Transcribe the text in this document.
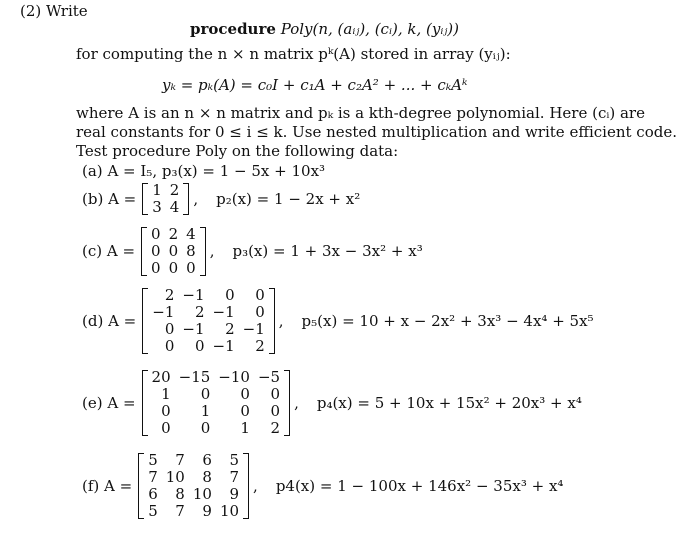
(2) Write
procedure Poly(n, (aᵢⱼ), (cᵢ), k, (yᵢⱼ))
for computing the n × n matrix pᵏ(A) stored in array (yᵢⱼ):
yₖ = pₖ(A) = c₀I + c₁A + c₂A² + ... + cₖAᵏ
where A is an n × n matrix and pₖ is a kth-degree polynomial. Here (cᵢ) are
real constants for 0 ≤ i ≤ k. Use nested multiplication and write efficient code.
Test procedure Poly on the following data:
(a) A = I₅, p₃(x) = 1 − 5x + 10x³
(b) A = 1	2
3	4 , p₂(x) = 1 − 2x + x²
(c) A =
0	2	4
0	0	8
0	0	0
, p₃(x) = 1 + 3x − 3x² + x³
(d) A =
2	−1	0	0
−1	2	−1	0
0	−1	2	−1
0	0	−1	2
, p₅(x) = 10 + x − 2x² + 3x³ − 4x⁴ + 5x⁵
(e) A =
20	−15	−10	−5
1	0	0	0
0	1	0	0
0	0	1	2
, p₄(x) = 5 + 10x + 15x² + 20x³ + x⁴
(f) A =
5	7	6	5
7	10	8	7
6	8	10	9
5	7	9	10
, p4(x) = 1 − 100x + 146x² − 35x³ + x⁴
